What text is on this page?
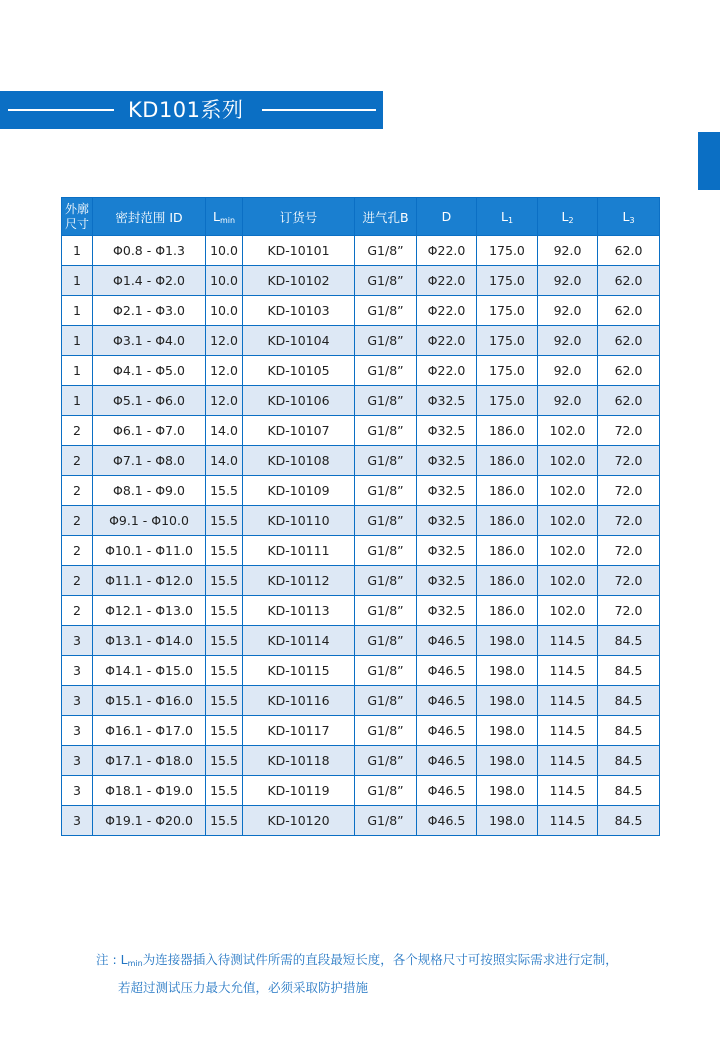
KD101系列
外廓尺寸	密封范围 ID	$L_{min}$	订货号	进气孔B	D	$L_1$	$L_2$	$L_3$
1	Φ0.8 - Φ1.3	10.0	KD-10101	G1/8”	Φ22.0	175.0	92.0	62.0
1	Φ1.4 - Φ2.0	10.0	KD-10102	G1/8”	Φ22.0	175.0	92.0	62.0
1	Φ2.1 - Φ3.0	10.0	KD-10103	G1/8”	Φ22.0	175.0	92.0	62.0
1	Φ3.1 - Φ4.0	12.0	KD-10104	G1/8”	Φ22.0	175.0	92.0	62.0
1	Φ4.1 - Φ5.0	12.0	KD-10105	G1/8”	Φ22.0	175.0	92.0	62.0
1	Φ5.1 - Φ6.0	12.0	KD-10106	G1/8”	Φ32.5	175.0	92.0	62.0
2	Φ6.1 - Φ7.0	14.0	KD-10107	G1/8”	Φ32.5	186.0	102.0	72.0
2	Φ7.1 - Φ8.0	14.0	KD-10108	G1/8”	Φ32.5	186.0	102.0	72.0
2	Φ8.1 - Φ9.0	15.5	KD-10109	G1/8”	Φ32.5	186.0	102.0	72.0
2	Φ9.1 - Φ10.0	15.5	KD-10110	G1/8”	Φ32.5	186.0	102.0	72.0
2	Φ10.1 - Φ11.0	15.5	KD-10111	G1/8”	Φ32.5	186.0	102.0	72.0
2	Φ11.1 - Φ12.0	15.5	KD-10112	G1/8”	Φ32.5	186.0	102.0	72.0
2	Φ12.1 - Φ13.0	15.5	KD-10113	G1/8”	Φ32.5	186.0	102.0	72.0
3	Φ13.1 - Φ14.0	15.5	KD-10114	G1/8”	Φ46.5	198.0	114.5	84.5
3	Φ14.1 - Φ15.0	15.5	KD-10115	G1/8”	Φ46.5	198.0	114.5	84.5
3	Φ15.1 - Φ16.0	15.5	KD-10116	G1/8”	Φ46.5	198.0	114.5	84.5
3	Φ16.1 - Φ17.0	15.5	KD-10117	G1/8”	Φ46.5	198.0	114.5	84.5
3	Φ17.1 - Φ18.0	15.5	KD-10118	G1/8”	Φ46.5	198.0	114.5	84.5
3	Φ18.1 - Φ19.0	15.5	KD-10119	G1/8”	Φ46.5	198.0	114.5	84.5
3	Φ19.1 - Φ20.0	15.5	KD-10120	G1/8”	Φ46.5	198.0	114.5	84.5
注 : $L_{min}$为连接器插入待测试件所需的直段最短长度，各个规格尺寸可按照实际需求进行定制，
若超过测试压力最大允值，必须采取防护措施
